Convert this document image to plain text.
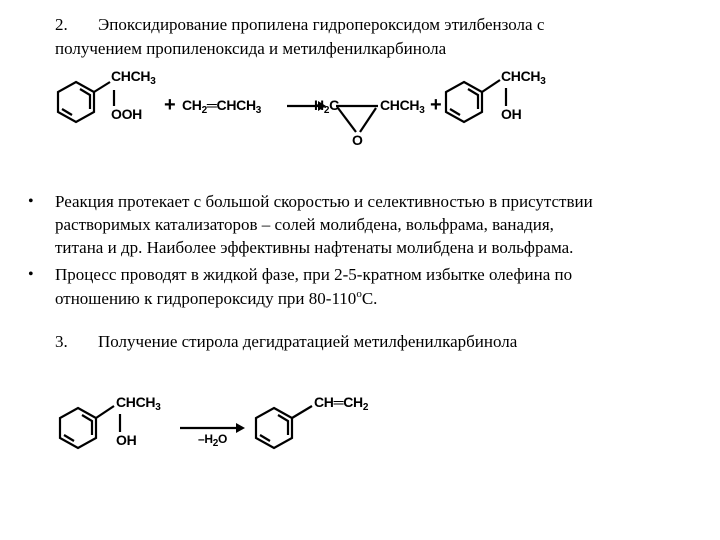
2. Эпоксидирование пропилена гидропероксидом этилбензола с
получением пропиленоксида и метилфенилкарбинола
$CHCH_3$
OOH + $CH_2═CHCH_3$	$H_2C$	$CHCH_3$
O
+
$CHCH_3$
OH
• Реакция протекает с большой скоростью и селективностью в присутствии
растворимых катализаторов – солей молибдена, вольфрама, ванадия,
титана и др. Наиболее эффективны нафтенаты молибдена и вольфрама.
• Процесс проводят в жидкой фазе, при 2-5-кратном избытке олефина по
отношению к гидропероксиду при $80-110^оС$.
3. Получение стирола дегидратацией метилфенилкарбинола
$CHCH_3$
OH	$-H_2O$
$CH═CH_2$
